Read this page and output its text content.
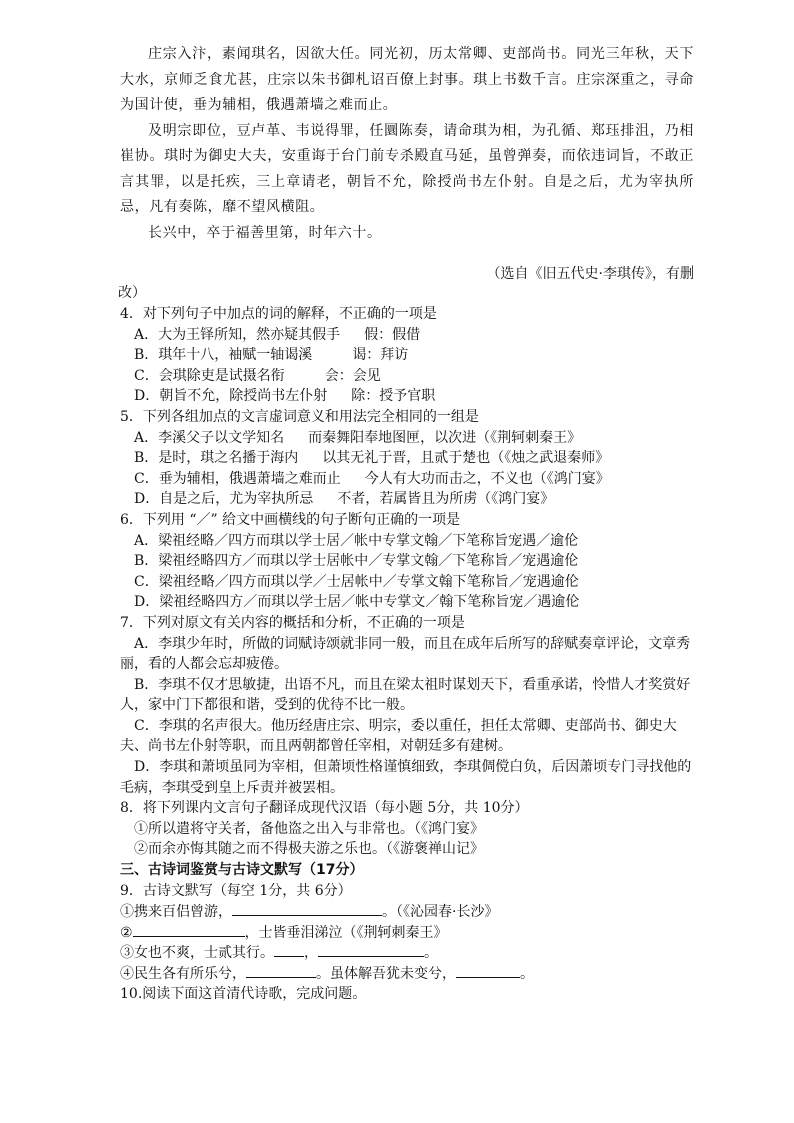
庄宗入汴，素闻琪名，因欲大任。同光初，历太常卿、吏部尚书。同光三年秋，天下大水，京师乏食尤甚，庄宗以朱书御札诏百僚上封事。琪上书数千言。庄宗深重之，寻命为国计使，垂为辅相，俄遇萧墙之难而止。

及明宗即位，豆卢革、韦说得罪，任圜陈奏，请命琪为相，为孔循、郑珏排沮，乃相崔协。琪时为御史大夫，安重诲于台门前专杀殿直马延，虽曾弹奏，而依违词旨，不敢正言其罪，以是托疾，三上章请老，朝旨不允，除授尚书左仆射。自是之后，尤为宰执所忌，凡有奏陈，靡不望风横阻。

长兴中，卒于福善里第，时年六十。

（选自《旧五代史·李琪传》，有删
改）
4．对下列句子中加点的词的解释，不正确的一项是
A．大为王铎所知，然亦疑其假手 假：假借
B．琪年十八，袖赋一轴谒溪	谒：拜访
C．会琪除吏是试摄名衔	会：会见
D．朝旨不允，除授尚书左仆射 除：授予官职
5．下列各组加点的文言虚词意义和用法完全相同的一组是
A．李溪父子以文学知名 而秦舞阳奉地图匣，以次进（《荆轲刺秦王》
B．是时，琪之名播于海内 以其无礼于晋，且贰于楚也（《烛之武退秦师》
C．垂为辅相，俄遇萧墙之难而止 今人有大功而击之，不义也（《鸿门宴》
D．自是之后，尤为宰执所忌 不者，若属皆且为所虏（《鸿门宴》
6．下列用 “／” 给文中画横线的句子断句正确的一项是
A．梁祖经略／四方而琪以学士居／帐中专掌文翰／下笔称旨宠遇／逾伦
B．梁祖经略四方／而琪以学士居帐中／专掌文翰／下笔称旨／宠遇逾伦
C．梁祖经略／四方而琪以学／士居帐中／专掌文翰下笔称旨／宠遇逾伦
D．梁祖经略四方／而琪以学士居／帐中专掌文／翰下笔称旨宠／遇逾伦
7．下列对原文有关内容的概括和分析，不正确的一项是
A．李琪少年时，所做的词赋诗颂就非同一般，而且在成年后所写的辞赋奏章评论，文章秀丽，看的人都会忘却疲倦。
B．李琪不仅才思敏捷，出语不凡，而且在梁太祖时谋划天下，看重承诺，怜惜人才奖赏好人，家中门下都很和谐，受到的优待不比一般。
C．李琪的名声很大。他历经唐庄宗、明宗，委以重任，担任太常卿、吏部尚书、御史大夫、尚书左仆射等职，而且两朝都曾任宰相，对朝廷多有建树。
D．李琪和萧顷虽同为宰相，但萧顷性格谨慎细致，李琪倜傥白负，后因萧顷专门寻找他的毛病，李琪受到皇上斥责并被罢相。
8．将下列课内文言句子翻译成现代汉语（每小题 5分，共 10分）
①所以遣将守关者，备他盗之出入与非常也。（《鸿门宴》
②而余亦悔其随之而不得极夫游之乐也。（《游褒禅山记》
三、古诗词鉴赏与古诗文默写（17分）
9．古诗文默写（每空 1分，共 6分）
①携来百侣曾游，	。（《沁园春·长沙》
②	，士皆垂泪涕泣（《荆轲刺秦王》
③女也不爽，士贰其行。 ，	。
④民生各有所乐兮，	。虽体解吾犹未变兮，	。
10.阅读下面这首清代诗歌，完成问题。
